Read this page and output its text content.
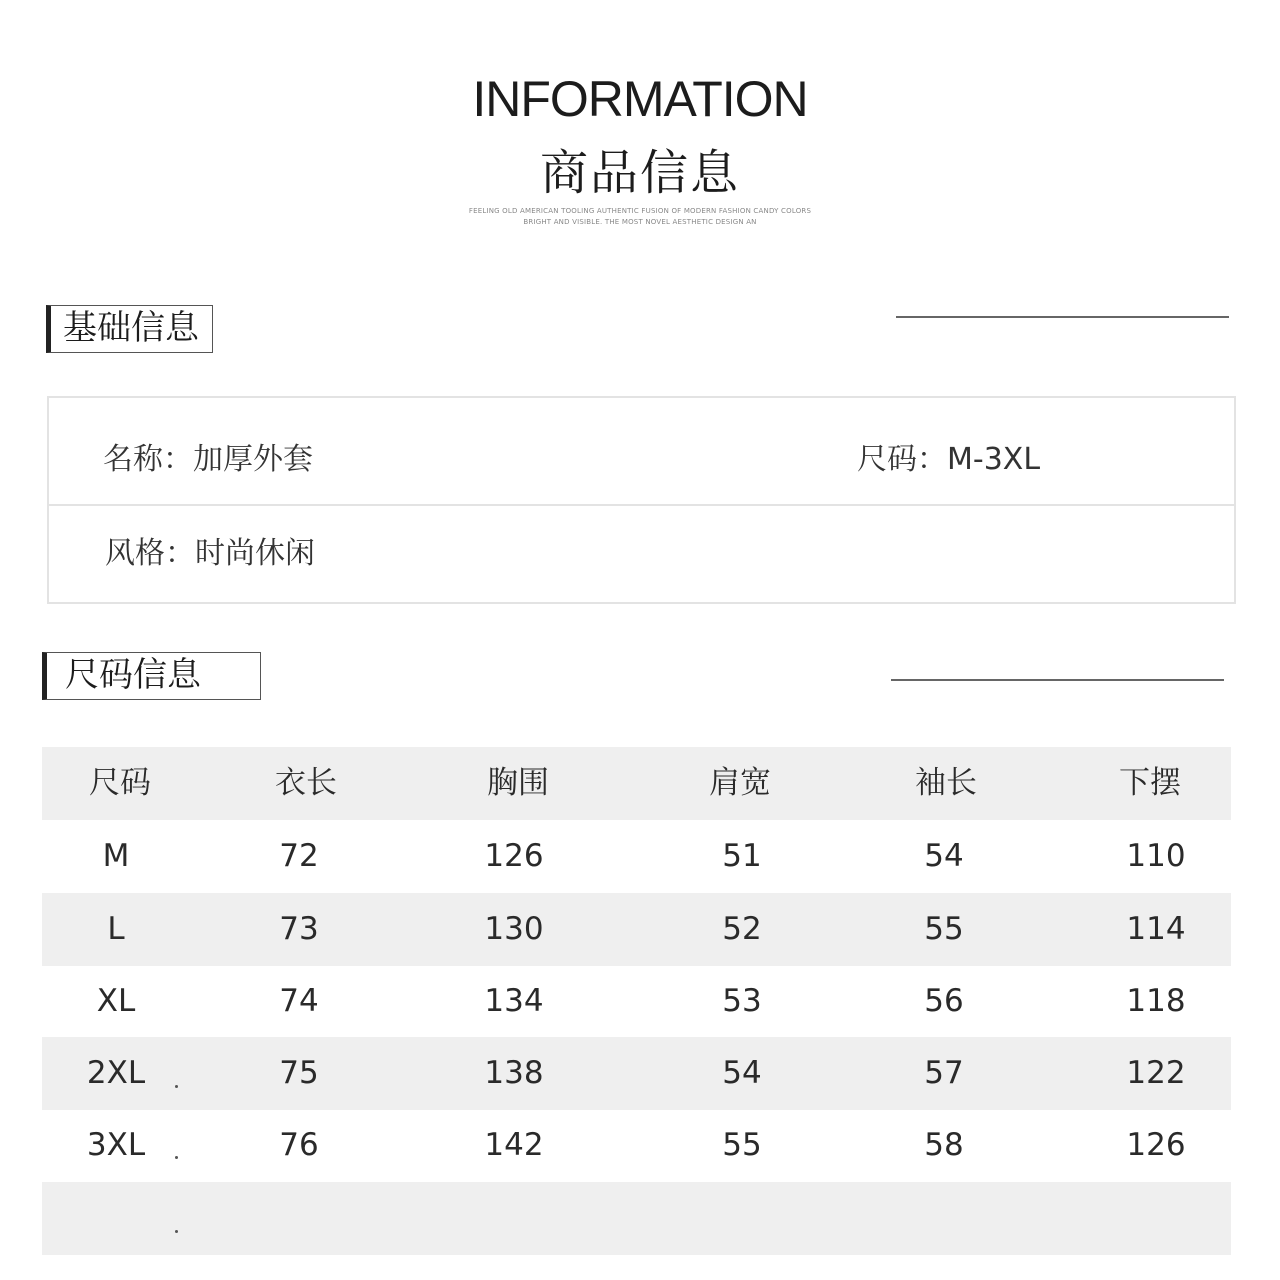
INFORMATION
商品信息
FEELING OLD AMERICAN TOOLING AUTHENTIC FUSION OF MODERN FASHION CANDY COLORS
BRIGHT AND VISIBLE. THE MOST NOVEL AESTHETIC DESIGN AN
基础信息
名称：加厚外套	尺码：M-3XL
风格：时尚休闲
尺码信息
尺码	衣长	胸围	肩宽	袖长	下摆
M	72	126	51	54	110
L	73	130	52	55	114
XL	74	134	53	56	118
2XL	75	138	54	57	122
3XL	76	142	55	58	126
